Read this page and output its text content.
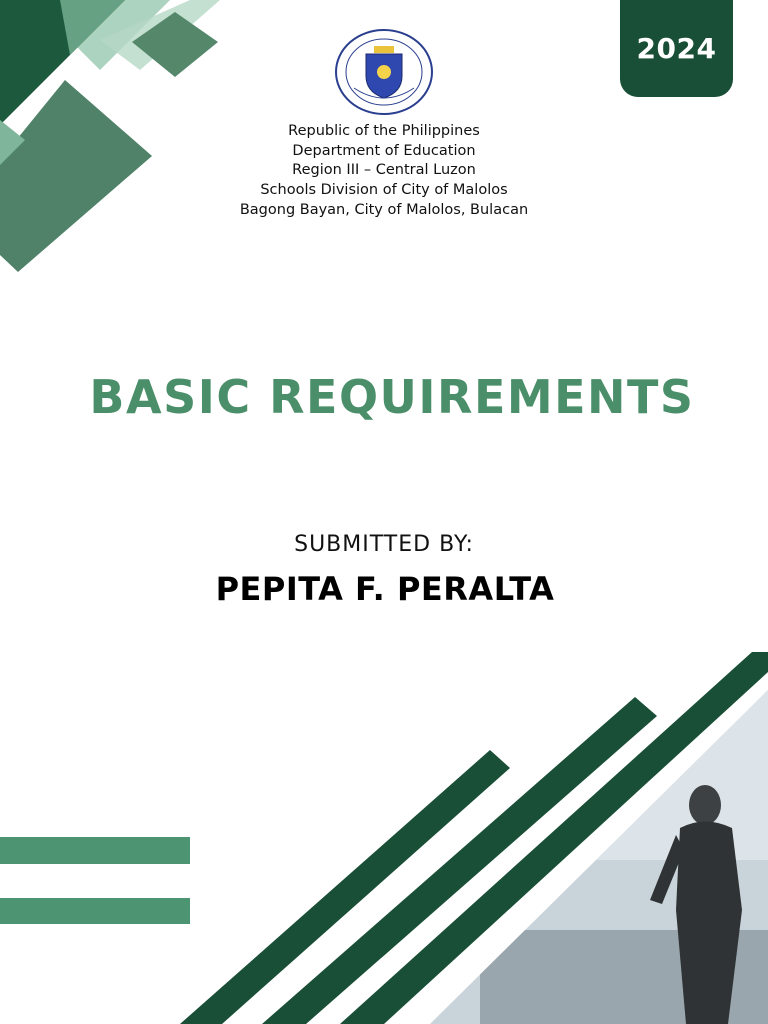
2024
Republic of the Philippines
Department of Education
Region III – Central Luzon
Schools Division of City of Malolos
Bagong Bayan, City of Malolos, Bulacan
BASIC REQUIREMENTS
SUBMITTED BY:
PEPITA F. PERALTA
